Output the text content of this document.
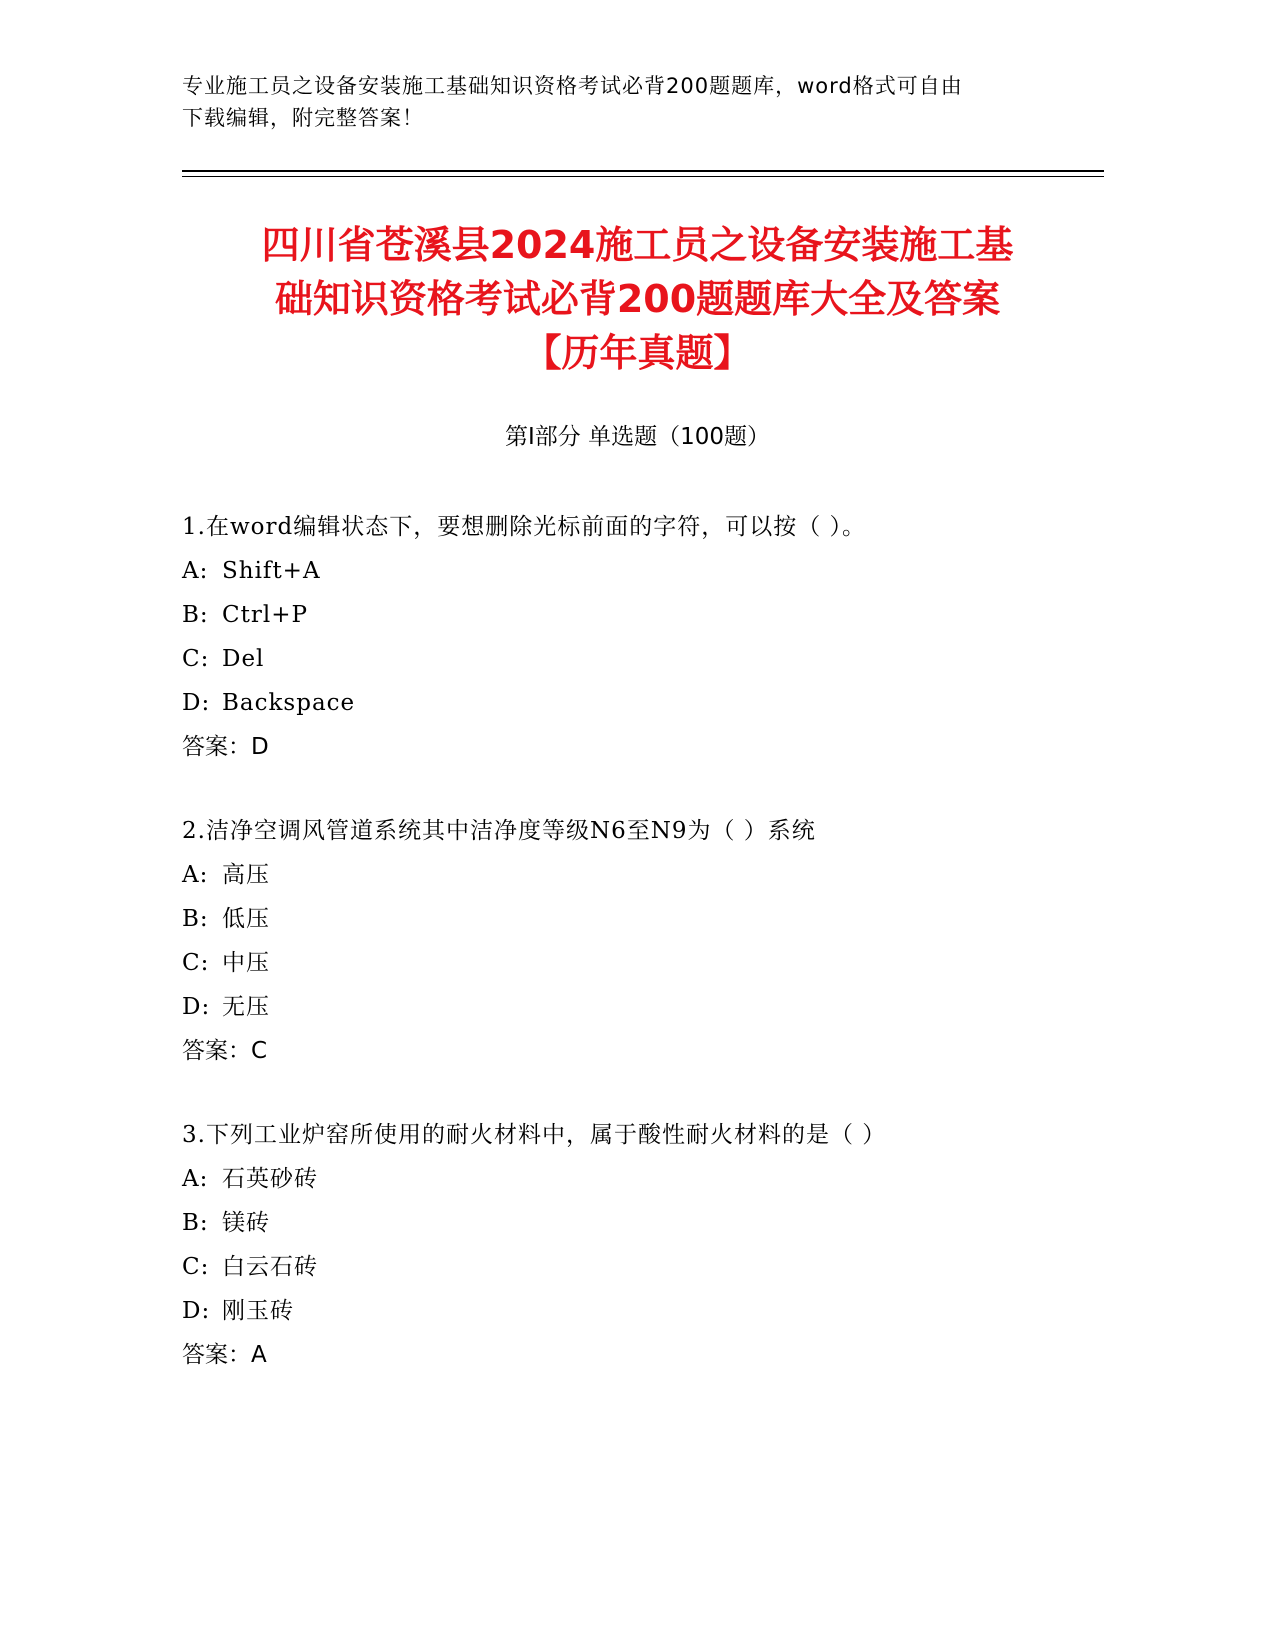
专业施工员之设备安装施工基础知识资格考试必背200题题库，word格式可自由
下载编辑，附完整答案！
四川省苍溪县2024施工员之设备安装施工基
础知识资格考试必背200题题库大全及答案
【历年真题】
第Ⅰ部分 单选题（100题）
1.在word编辑状态下，要想删除光标前面的字符，可以按（ ）。
A: Shift+A
B: Ctrl+P
C: Del
D: Backspace
答案：D
2.洁净空调风管道系统其中洁净度等级N6至N9为（ ）系统
A: 高压
B: 低压
C: 中压
D: 无压
答案：C
3.下列工业炉窑所使用的耐火材料中，属于酸性耐火材料的是（ ）
A: 石英砂砖
B: 镁砖
C: 白云石砖
D: 刚玉砖
答案：A
